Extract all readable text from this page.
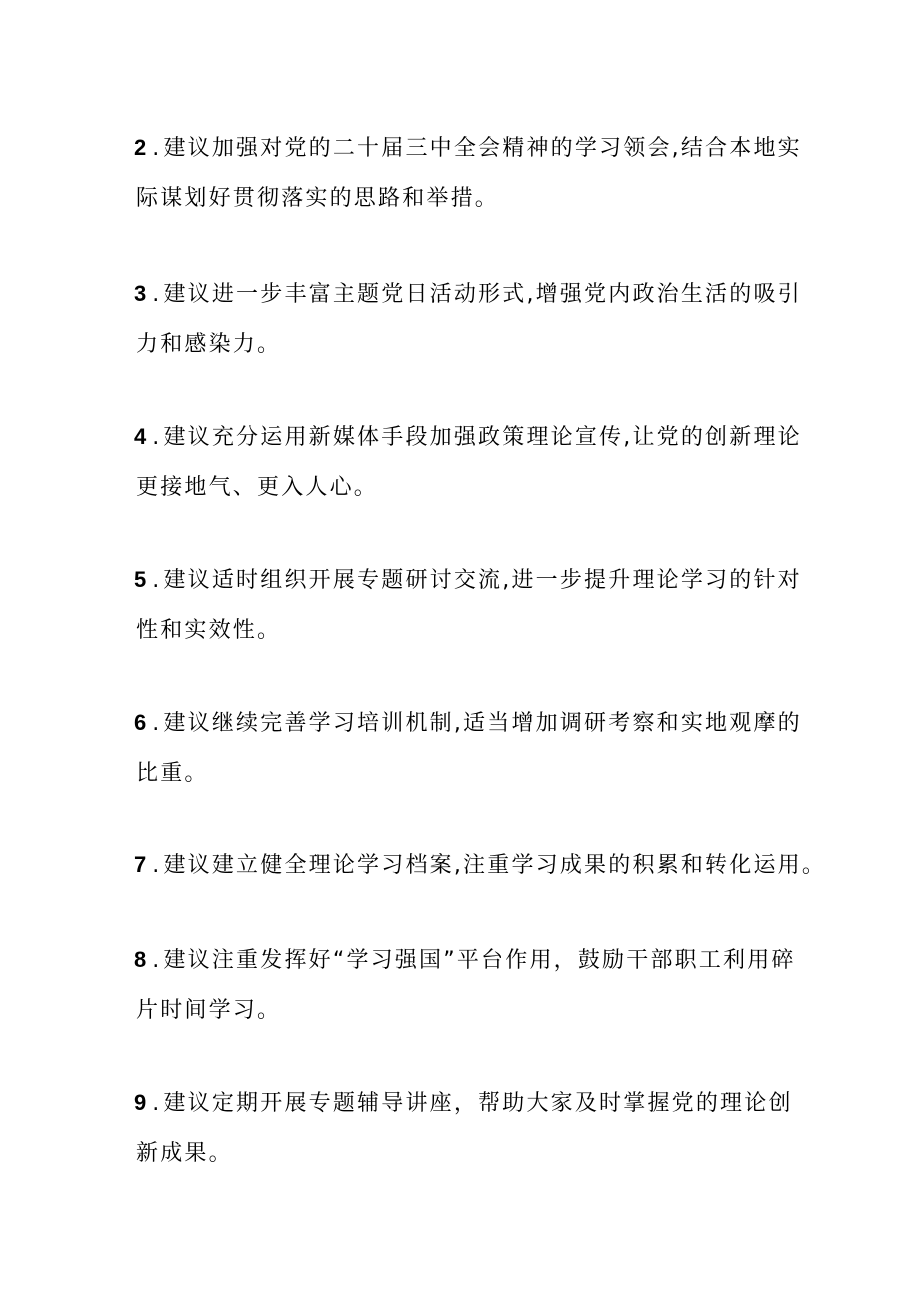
2 .建议加强对党的二十届三中全会精神的学习领会,结合本地实
际谋划好贯彻落实的思路和举措。
3 .建议进一步丰富主题党日活动形式,增强党内政治生活的吸引
力和感染力。
4 .建议充分运用新媒体手段加强政策理论宣传,让党的创新理论
更接地气、更入人心。
5 .建议适时组织开展专题研讨交流,进一步提升理论学习的针对
性和实效性。
6 .建议继续完善学习培训机制,适当增加调研考察和实地观摩的
比重。
7 .建议建立健全理论学习档案,注重学习成果的积累和转化运用。
8 .建议注重发挥好“学习强国”平台作用，鼓励干部职工利用碎
片时间学习。
9 .建议定期开展专题辅导讲座，帮助大家及时掌握党的理论创
新成果。
